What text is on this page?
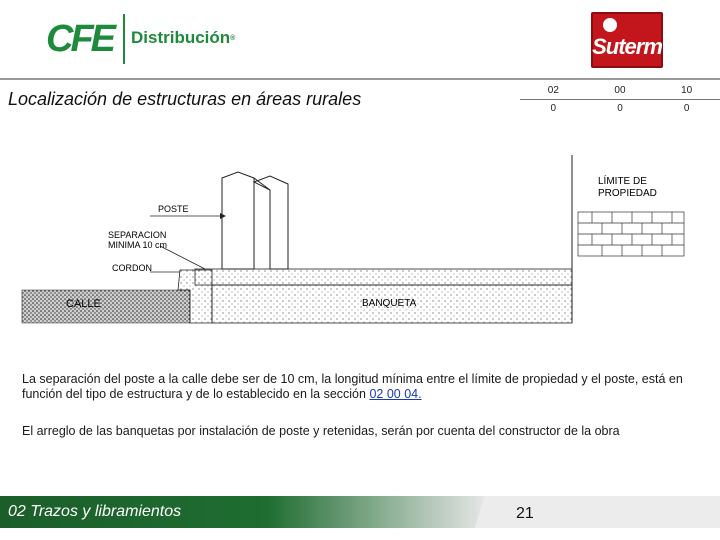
CFE Distribución®	Suterm
Localización de estructuras en áreas rurales	02	00	10
0	0	0
POSTE
SEPARACION
MINIMA 10 cm
CORDON
CALLE	BANQUETA
LÍMITE DE
PROPIEDAD
La separación del poste a la calle debe ser de 10 cm, la longitud mínima entre el límite de propiedad y el poste, está en función del tipo de estructura y de lo establecido en la sección 02 00 04.
El arreglo de las banquetas por instalación de poste y retenidas, serán por cuenta del constructor de la obra
02 Trazos y libramientos	21
